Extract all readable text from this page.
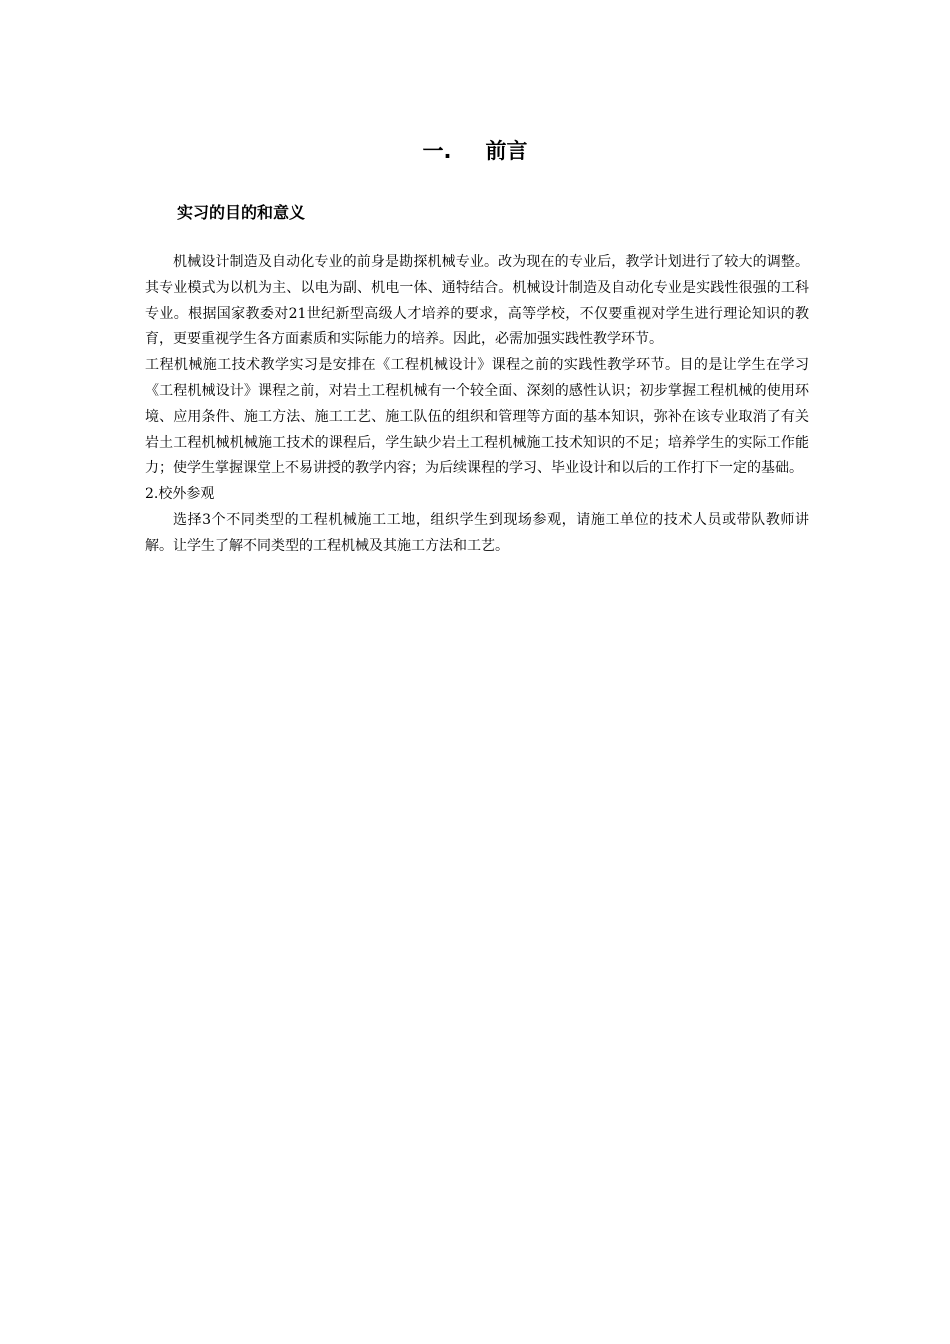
一. 前言
实习的目的和意义

机械设计制造及自动化专业的前身是勘探机械专业。改为现在的专业后，教学计划进行了较大的调整。其专业模式为以机为主、以电为副、机电一体、通特结合。机械设计制造及自动化专业是实践性很强的工科专业。根据国家教委对21世纪新型高级人才培养的要求，高等学校，不仅要重视对学生进行理论知识的教育，更要重视学生各方面素质和实际能力的培养。因此，必需加强实践性教学环节。

工程机械施工技术教学实习是安排在《工程机械设计》课程之前的实践性教学环节。目的是让学生在学习《工程机械设计》课程之前，对岩土工程机械有一个较全面、深刻的感性认识；初步掌握工程机械的使用环境、应用条件、施工方法、施工工艺、施工队伍的组织和管理等方面的基本知识，弥补在该专业取消了有关岩土工程机械机械施工技术的课程后，学生缺少岩土工程机械施工技术知识的不足；培养学生的实际工作能力；使学生掌握课堂上不易讲授的教学内容；为后续课程的学习、毕业设计和以后的工作打下一定的基础。

2.校外参观

选择3个不同类型的工程机械施工工地，组织学生到现场参观，请施工单位的技术人员或带队教师讲解。让学生了解不同类型的工程机械及其施工方法和工艺。
